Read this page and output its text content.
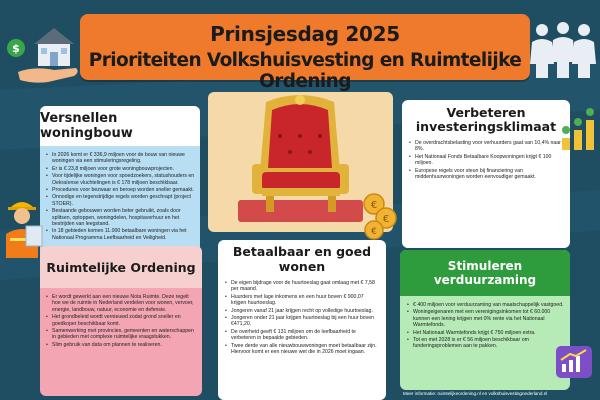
Prinsjesdag 2025
Prioriteiten Volkshuisvesting en Ruimtelijke Ordening
$
Versnellen woningbouw
• In 2026 komt er € 336,9 miljoen voor de bouw van nieuwe woningen via een stimuleringsregeling.
• Er is € 23,8 miljoen voor grote woningbouwprojecten.
• Voor tijdelijke woningen voor spoedzoekers, statushouders en Oekraïense vluchtelingen is € 178 miljoen beschikbaar.
• Procedures voor bezwaar en beroep worden sneller gemaakt.
• Onnodige en tegenstrijdige regels worden geschrapt (project STOER).
• Bestaande gebouwen worden beter gebruikt, zoals door splitsen, optoppen, woningdelen, hospitaverhuur en het bestrijden van leegstand.
• In 18 gebieden komen 11.000 betaalbare woningen via het Nationaal Programma Leefbaarheid en Veiligheid.
Verbeteren investeringsklimaat
• De overdrachtsbelasting voor verhuurders gaat van 10,4% naar 8%.
• Het Nationaal Fonds Betaalbare Koopwoningen krijgt € 100 miljoen.
• Europese regels voor steun bij financiering van middenhuurwoningen worden eenvoudiger gemaakt.
€
€
€
Ruimtelijke Ordening
• Er wordt gewerkt aan een nieuwe Nota Ruimte. Deze regelt hoe we de ruimte in Nederland verdelen voor wonen, vervoer, energie, landbouw, natuur, economie en defensie.
• Het grondbeleid wordt vernieuwd zodat grond sneller en goedkoper beschikbaar komt.
• Samenwerking met provincies, gemeenten en waterschappen in gebieden met complexe ruimtelijke vraagstukken.
• Slim gebruik van data om plannen te realiseren.
Betaalbaar en goed wonen
• De eigen bijdrage voor de huurtoeslag gaat omlaag met € 7,58 per maand.
• Huurders met lage inkomens en een huur boven € 900,07 krijgen huurtoeslag.
• Jongeren vanaf 21 jaar krijgen recht op volledige huurtoeslag.
• Jongeren onder 21 jaar krijgen huurtoeslag bij een huur boven €471,20.
• De overheid geeft € 131 miljoen om de leefbaarheid te verbeteren in bepaalde gebieden.
• Twee derde van alle nieuwbouwwoningen moet betaalbaar zijn. Hiervoor komt er een nieuwe wet die in 2026 moet ingaan.
Stimuleren
verduurzaming
• € 400 miljoen voor verduurzaming van maatschappelijk vastgoed.
• Woningeigenaren met een verenigingsinkomen tot € 60.000 kunnen een lening krijgen met 0% rente via het Nationaal Warmtefonds.
• Het Nationaal Warmtefonds krijgt € 750 miljoen extra.
• Tot en met 2028 is er € 56 miljoen beschikbaar om funderingsproblemen aan te pakken.
Woningbedrijf Velsen	Meer informatie: ruimtelijkeordening.nl en volkshuisvestingnederland.nl
